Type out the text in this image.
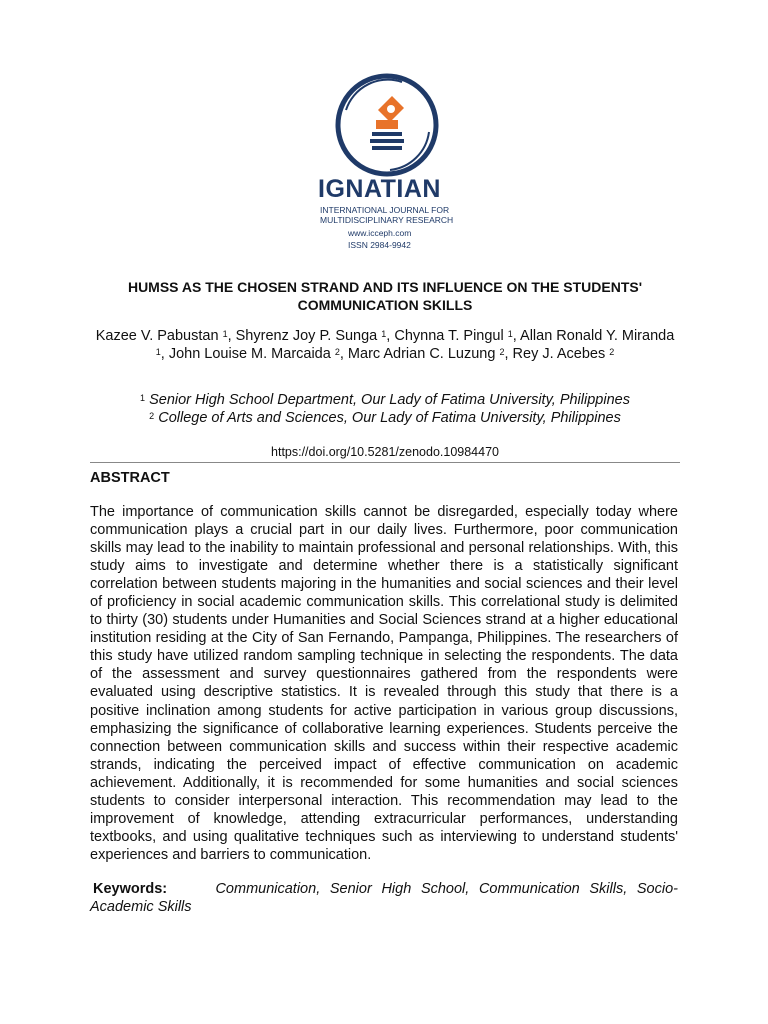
IGNATIAN
INTERNATIONAL JOURNAL FOR
MULTIDISCIPLINARY RESEARCH
www.icceph.com
ISSN 2984-9942
HUMSS AS THE CHOSEN STRAND AND ITS INFLUENCE ON THE STUDENTS'
COMMUNICATION SKILLS
Kazee V. Pabustan $^1$, Shyrenz Joy P. Sunga $^1$, Chynna T. Pingul $^1$, Allan Ronald Y. Miranda $^1$, John Louise M. Marcaida $^2$, Marc Adrian C. Luzung $^2$, Rey J. Acebes $^2$
$^1$ Senior High School Department, Our Lady of Fatima University, Philippines
$^2$ College of Arts and Sciences, Our Lady of Fatima University, Philippines
https://doi.org/10.5281/zenodo.10984470
ABSTRACT
The importance of communication skills cannot be disregarded, especially today where communication plays a crucial part in our daily lives. Furthermore, poor communication skills may lead to the inability to maintain professional and personal relationships. With, this study aims to investigate and determine whether there is a statistically significant correlation between students majoring in the humanities and social sciences and their level of proficiency in social academic communication skills. This correlational study is delimited to thirty (30) students under Humanities and Social Sciences strand at a higher educational institution residing at the City of San Fernando, Pampanga, Philippines. The researchers of this study have utilized random sampling technique in selecting the respondents. The data of the assessment and survey questionnaires gathered from the respondents were evaluated using descriptive statistics. It is revealed through this study that there is a positive inclination among students for active participation in various group discussions, emphasizing the significance of collaborative learning experiences. Students perceive the connection between communication skills and success within their respective academic strands, indicating the perceived impact of effective communication on academic achievement. Additionally, it is recommended for some humanities and social sciences students to consider interpersonal interaction. This recommendation may lead to the improvement of knowledge, attending extracurricular performances, understanding textbooks, and using qualitative techniques such as interviewing to understand students' experiences and barriers to communication.
Keywords:	Communication, Senior High School, Communication Skills, Socio-Academic Skills
